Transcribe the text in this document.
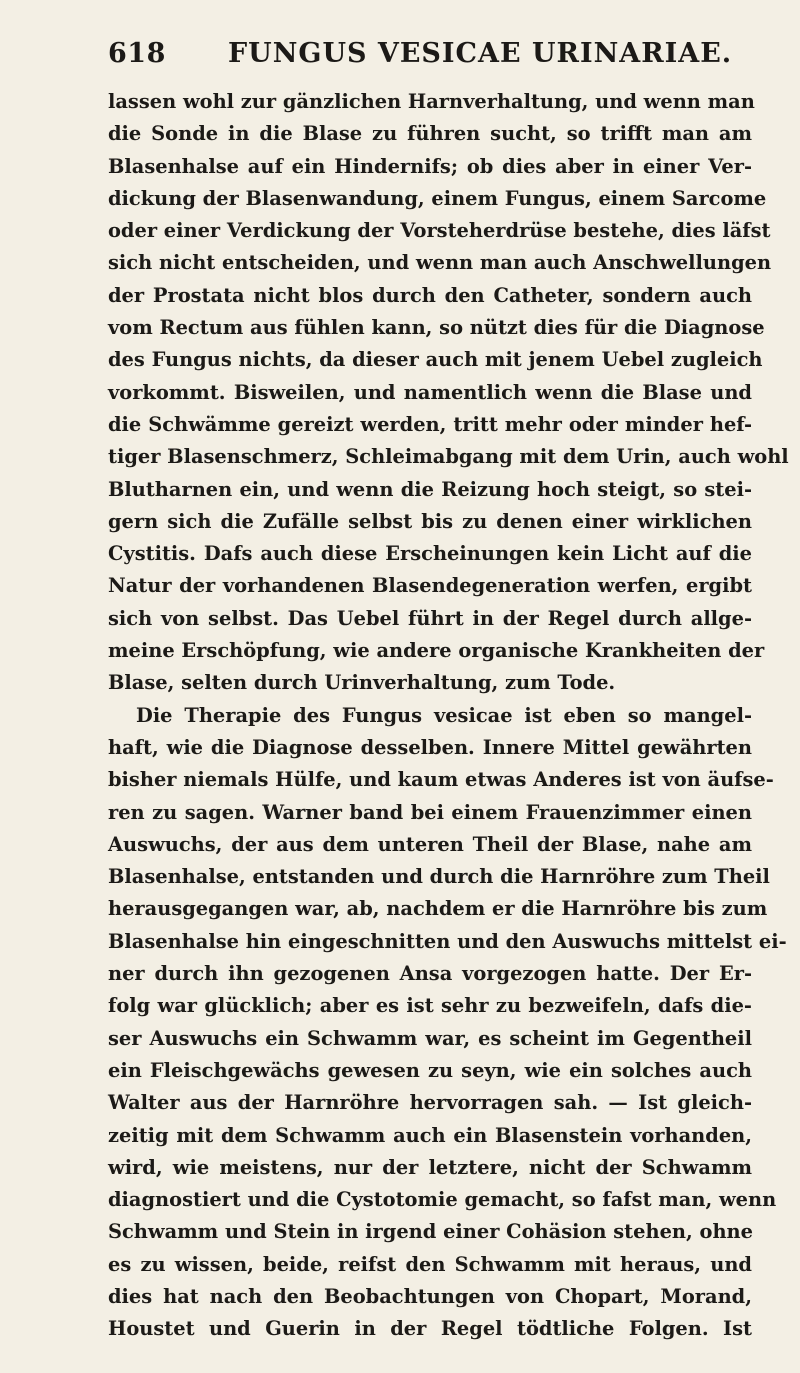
618 FUNGUS VESICAE URINARIAE.
lassen wohl zur gänzlichen Harnverhaltung, und wenn man
die Sonde in die Blase zu führen sucht, so trifft man am
Blasenhalse auf ein Hindernifs; ob dies aber in einer Ver-
dickung der Blasenwandung, einem Fungus, einem Sarcome
oder einer Verdickung der Vorsteherdrüse bestehe, dies läfst
sich nicht entscheiden, und wenn man auch Anschwellungen
der Prostata nicht blos durch den Catheter, sondern auch
vom Rectum aus fühlen kann, so nützt dies für die Diagnose
des Fungus nichts, da dieser auch mit jenem Uebel zugleich
vorkommt. Bisweilen, und namentlich wenn die Blase und
die Schwämme gereizt werden, tritt mehr oder minder hef-
tiger Blasenschmerz, Schleimabgang mit dem Urin, auch wohl
Blutharnen ein, und wenn die Reizung hoch steigt, so stei-
gern sich die Zufälle selbst bis zu denen einer wirklichen
Cystitis. Dafs auch diese Erscheinungen kein Licht auf die
Natur der vorhandenen Blasendegeneration werfen, ergibt
sich von selbst. Das Uebel führt in der Regel durch allge-
meine Erschöpfung, wie andere organische Krankheiten der
Blase, selten durch Urinverhaltung, zum Tode.
Die Therapie des Fungus vesicae ist eben so mangel-
haft, wie die Diagnose desselben. Innere Mittel gewährten
bisher niemals Hülfe, und kaum etwas Anderes ist von äufse-
ren zu sagen. Warner band bei einem Frauenzimmer einen
Auswuchs, der aus dem unteren Theil der Blase, nahe am
Blasenhalse, entstanden und durch die Harnröhre zum Theil
herausgegangen war, ab, nachdem er die Harnröhre bis zum
Blasenhalse hin eingeschnitten und den Auswuchs mittelst ei-
ner durch ihn gezogenen Ansa vorgezogen hatte. Der Er-
folg war glücklich; aber es ist sehr zu bezweifeln, dafs die-
ser Auswuchs ein Schwamm war, es scheint im Gegentheil
ein Fleischgewächs gewesen zu seyn, wie ein solches auch
Walter aus der Harnröhre hervorragen sah. — Ist gleich-
zeitig mit dem Schwamm auch ein Blasenstein vorhanden,
wird, wie meistens, nur der letztere, nicht der Schwamm
diagnostiert und die Cystotomie gemacht, so fafst man, wenn
Schwamm und Stein in irgend einer Cohäsion stehen, ohne
es zu wissen, beide, reifst den Schwamm mit heraus, und
dies hat nach den Beobachtungen von Chopart, Morand,
Houstet und Guerin in der Regel tödtliche Folgen. Ist
